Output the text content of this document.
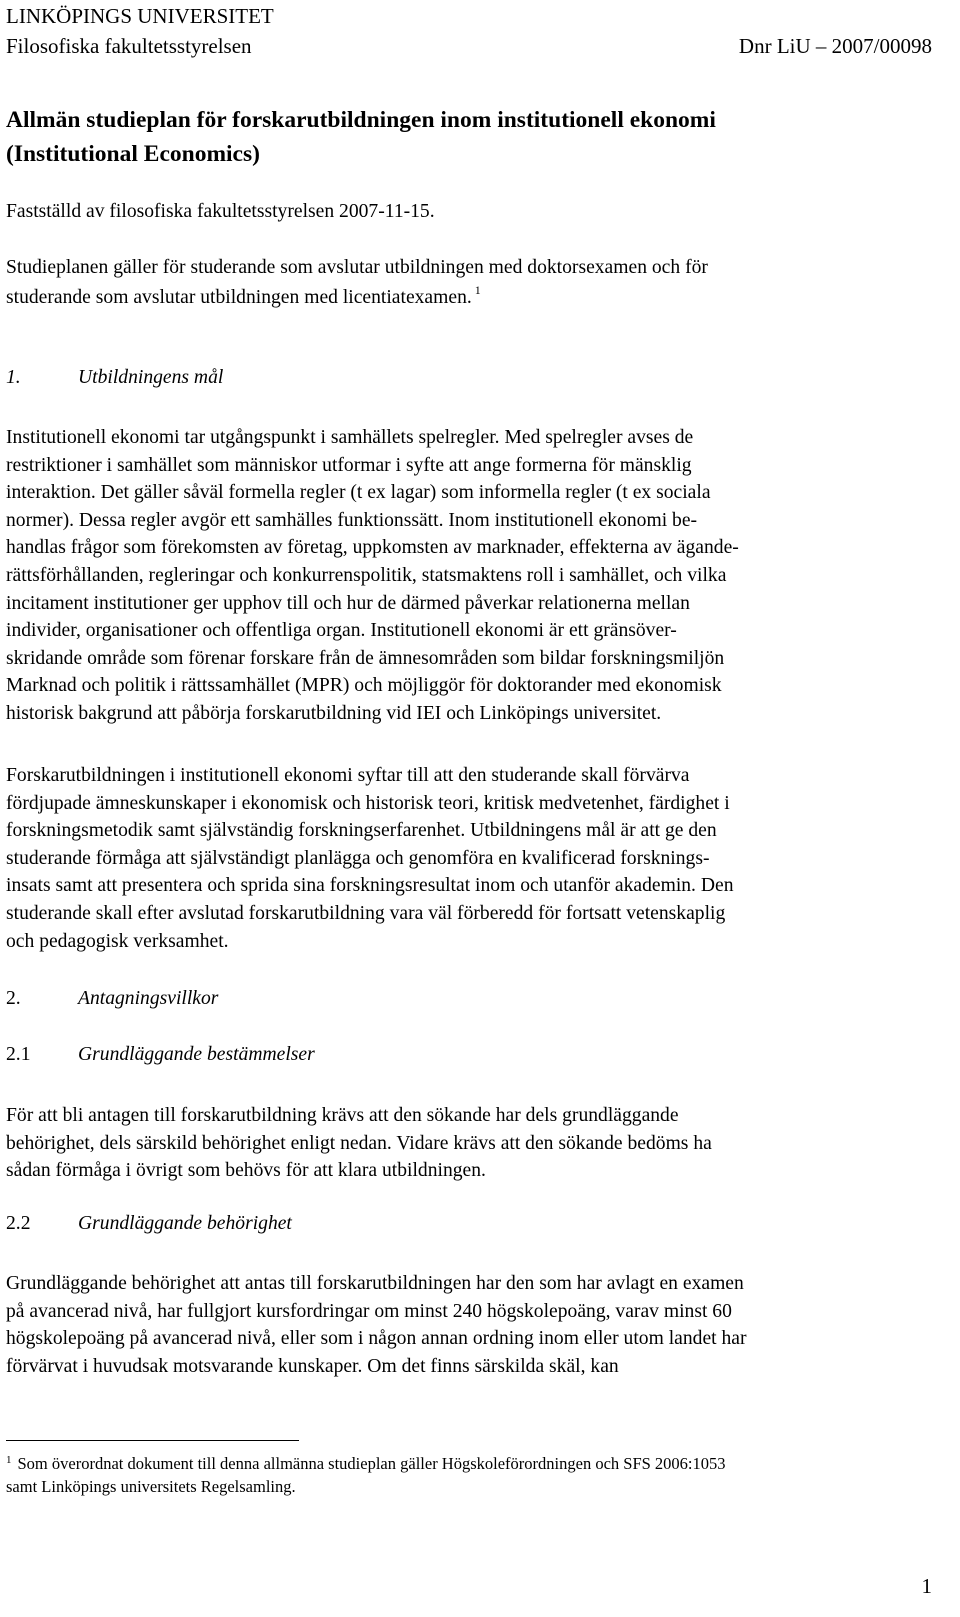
LINKÖPINGS UNIVERSITET
Filosofiska fakultetsstyrelsen	Dnr LiU – 2007/00098
Allmän studieplan för forskarutbildningen inom institutionell ekonomi
(Institutional Economics)
Fastställd av filosofiska fakultetsstyrelsen 2007-11-15.
Studieplanen gäller för studerande som avslutar utbildningen med doktorsexamen och för
studerande som avslutar utbildningen med licentiatexamen. $^1$
1.	Utbildningens mål
Institutionell ekonomi tar utgångspunkt i samhällets spelregler. Med spelregler avses de
restriktioner i samhället som människor utformar i syfte att ange formerna för mänsklig
interaktion. Det gäller såväl formella regler (t ex lagar) som informella regler (t ex sociala
normer). Dessa regler avgör ett samhälles funktionssätt. Inom institutionell ekonomi be-
handlas frågor som förekomsten av företag, uppkomsten av marknader, effekterna av ägande-
rättsförhållanden, regleringar och konkurrenspolitik, statsmaktens roll i samhället, och vilka
incitament institutioner ger upphov till och hur de därmed påverkar relationerna mellan
individer, organisationer och offentliga organ. Institutionell ekonomi är ett gränsöver-
skridande område som förenar forskare från de ämnesområden som bildar forskningsmiljön
Marknad och politik i rättssamhället (MPR) och möjliggör för doktorander med ekonomisk
historisk bakgrund att påbörja forskarutbildning vid IEI och Linköpings universitet.
Forskarutbildningen i institutionell ekonomi syftar till att den studerande skall förvärva
fördjupade ämneskunskaper i ekonomisk och historisk teori, kritisk medvetenhet, färdighet i
forskningsmetodik samt självständig forskningserfarenhet. Utbildningens mål är att ge den
studerande förmåga att självständigt planlägga och genomföra en kvalificerad forsknings-
insats samt att presentera och sprida sina forskningsresultat inom och utanför akademin. Den
studerande skall efter avslutad forskarutbildning vara väl förberedd för fortsatt vetenskaplig
och pedagogisk verksamhet.
2.	Antagningsvillkor
2.1 Grundläggande bestämmelser
För att bli antagen till forskarutbildning krävs att den sökande har dels grundläggande
behörighet, dels särskild behörighet enligt nedan. Vidare krävs att den sökande bedöms ha
sådan förmåga i övrigt som behövs för att klara utbildningen.
2.2 Grundläggande behörighet
Grundläggande behörighet att antas till forskarutbildningen har den som har avlagt en examen
på avancerad nivå, har fullgjort kursfordringar om minst 240 högskolepoäng, varav minst 60
högskolepoäng på avancerad nivå, eller som i någon annan ordning inom eller utom landet har
förvärvat i huvudsak motsvarande kunskaper. Om det finns särskilda skäl, kan
$^1$ Som överordnat dokument till denna allmänna studieplan gäller Högskoleförordningen och SFS 2006:1053
samt Linköpings universitets Regelsamling.
1
